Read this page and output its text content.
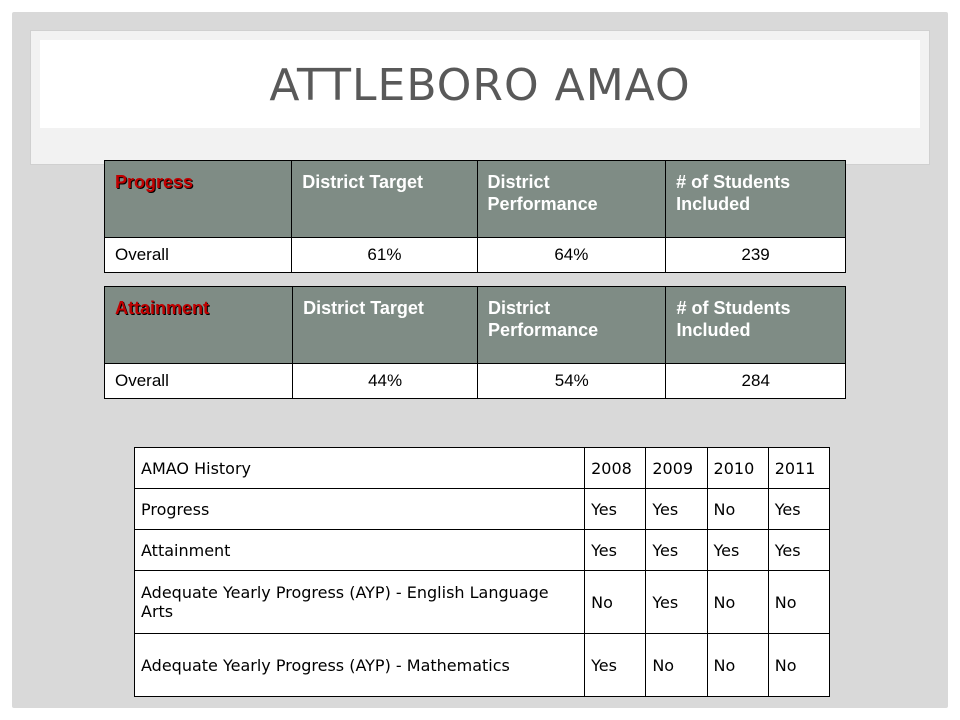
ATTLEBORO AMAO
Progress	District Target	District Performance	# of Students Included
Overall	61%	64%	239
Attainment	District Target	District Performance	# of Students Included
Overall	44%	54%	284
AMAO History	2008	2009	2010	2011
Progress	Yes	Yes	No	Yes
Attainment	Yes	Yes	Yes	Yes
Adequate Yearly Progress (AYP) - English Language Arts	No	Yes	No	No
Adequate Yearly Progress (AYP) - Mathematics	Yes	No	No	No
